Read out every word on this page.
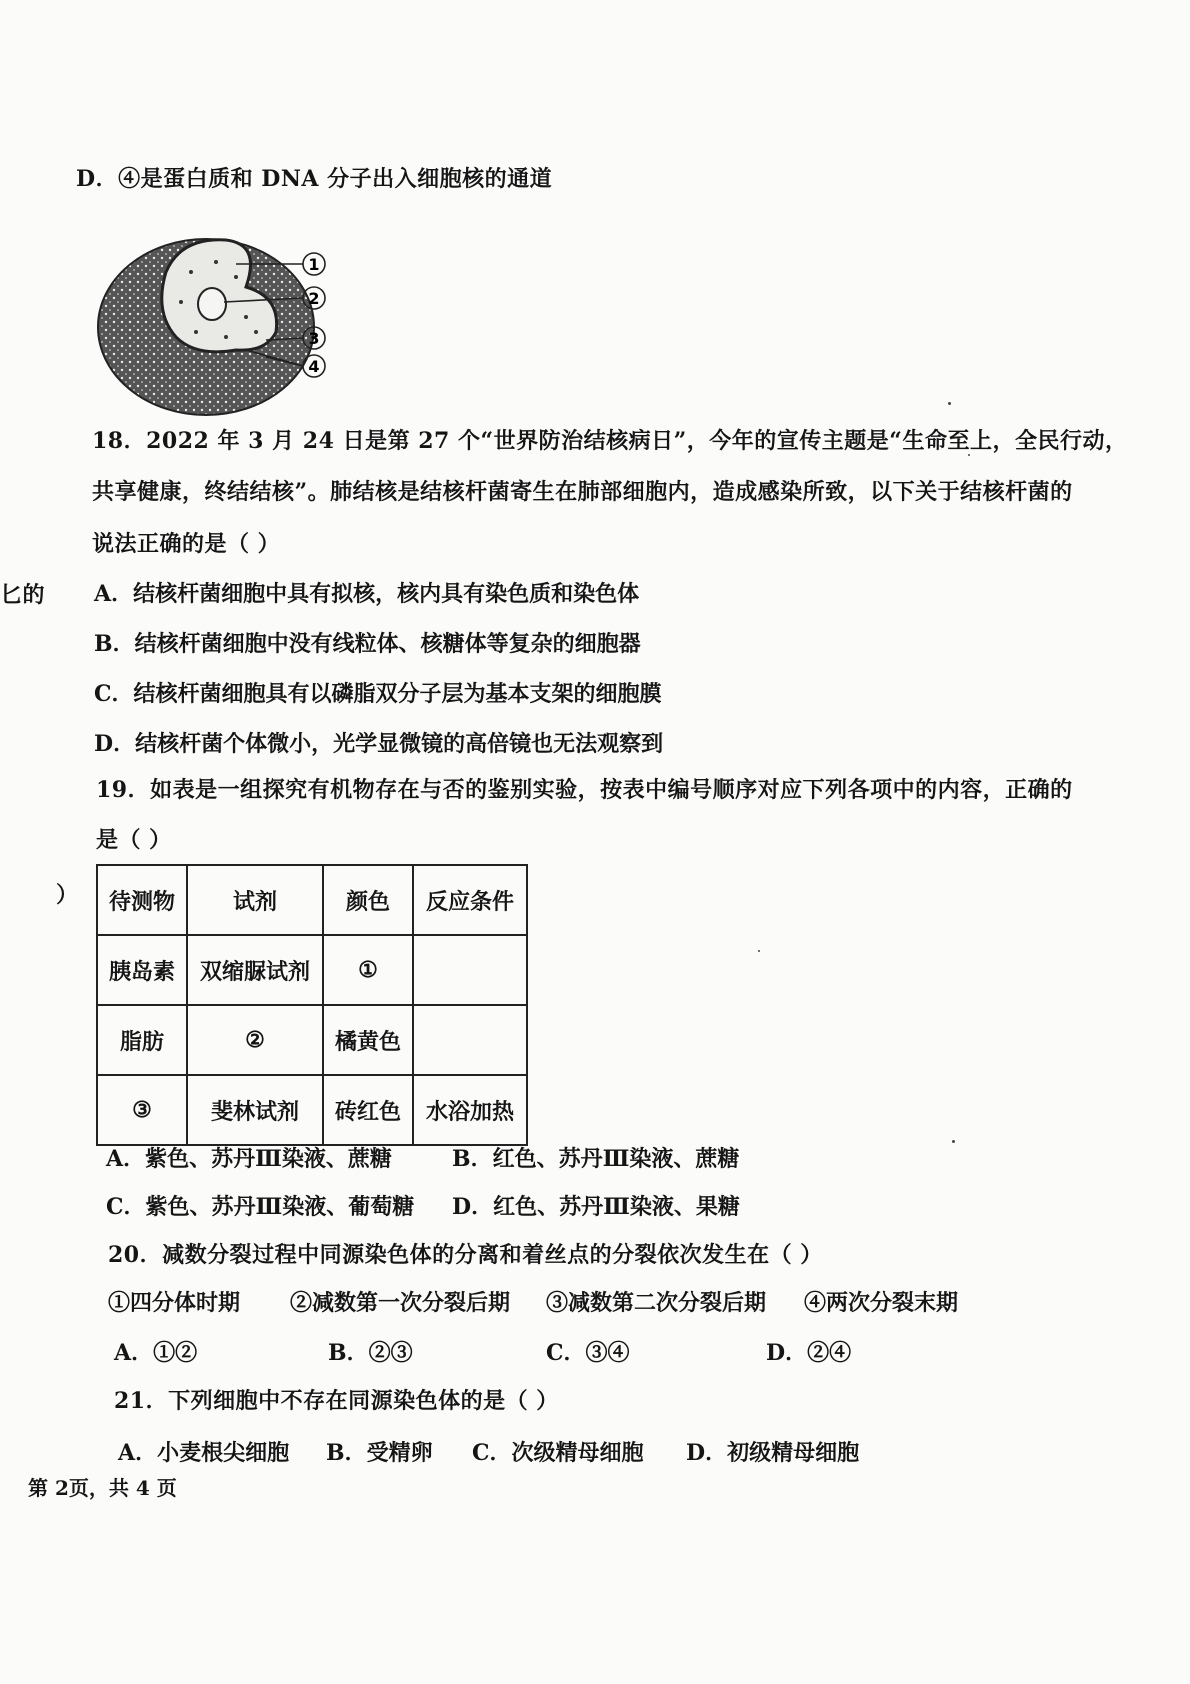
D．④是蛋白质和 DNA 分子出入细胞核的通道
1
2
3
4
18．2022 年 3 月 24 日是第 27 个“世界防治结核病日”，今年的宣传主题是“生命至上，全民行动，
共享健康，终结结核”。肺结核是结核杆菌寄生在肺部细胞内，造成感染所致，以下关于结核杆菌的
说法正确的是（ ）
匕的 A．结核杆菌细胞中具有拟核，核内具有染色质和染色体
B．结核杆菌细胞中没有线粒体、核糖体等复杂的细胞器
C．结核杆菌细胞具有以磷脂双分子层为基本支架的细胞膜
D．结核杆菌个体微小，光学显微镜的高倍镜也无法观察到
19．如表是一组探究有机物存在与否的鉴别实验，按表中编号顺序对应下列各项中的内容，正确的
是（ ）
） 待测物	试剂	颜色	反应条件
胰岛素	双缩脲试剂	①	
脂肪	②	橘黄色	
③	斐林试剂	砖红色	水浴加热
A．紫色、苏丹Ⅲ染液、蔗糖	B．红色、苏丹Ⅲ染液、蔗糖
C．紫色、苏丹Ⅲ染液、葡萄糖 D．红色、苏丹Ⅲ染液、果糖
20．减数分裂过程中同源染色体的分离和着丝点的分裂依次发生在（ ）
①四分体时期 ②减数第一次分裂后期 ③减数第二次分裂后期 ④两次分裂末期
A．①②	B．②③	C．③④	D．②④
21．下列细胞中不存在同源染色体的是（ ）
A．小麦根尖细胞 B．受精卵 C．次级精母细胞 D．初级精母细胞
第 2页，共 4 页
